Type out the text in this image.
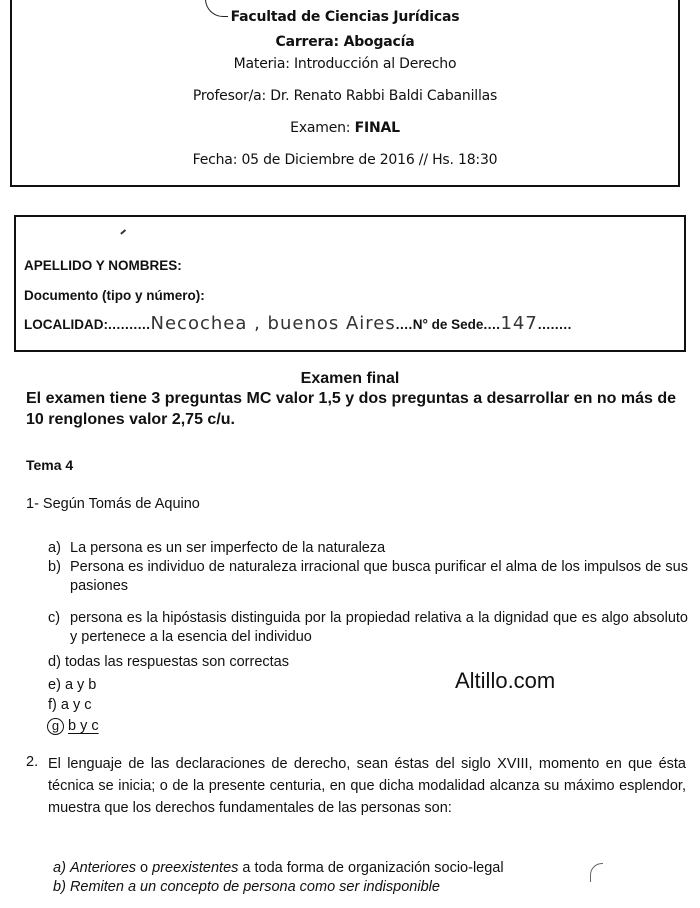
Facultad de Ciencias Jurídicas
Carrera: Abogacía
Materia: Introducción al Derecho
Profesor/a: Dr. Renato Rabbi Baldi Cabanillas
Examen: FINAL
Fecha: 05 de Diciembre de 2016 // Hs. 18:30
APELLIDO Y NOMBRES:
Documento (tipo y número):
LOCALIDAD:..........Necochea , buenos Aires....N° de Sede....147........
Examen final
El examen tiene 3 preguntas MC valor 1,5 y dos preguntas a desarrollar en no más de 10 renglones valor 2,75 c/u.
Tema 4
1- Según Tomás de Aquino
a) La persona es un ser imperfecto de la naturaleza
b) Persona es individuo de naturaleza irracional que busca purificar el alma de los impulsos de sus pasiones
c) persona es la hipóstasis distinguida por la propiedad relativa a la dignidad que es algo absoluto y pertenece a la esencia del individuo
d) todas las respuestas son correctas
e) a y b
f) a y c
g b y c
Altillo.com
2. El lenguaje de las declaraciones de derecho, sean éstas del siglo XVIII, momento en que ésta técnica se inicia; o de la presente centuria, en que dicha modalidad alcanza su máximo esplendor, muestra que los derechos fundamentales de las personas son:
a) Anteriores o preexistentes a toda forma de organización socio-legal
b) Remiten a un concepto de persona como ser indisponible
